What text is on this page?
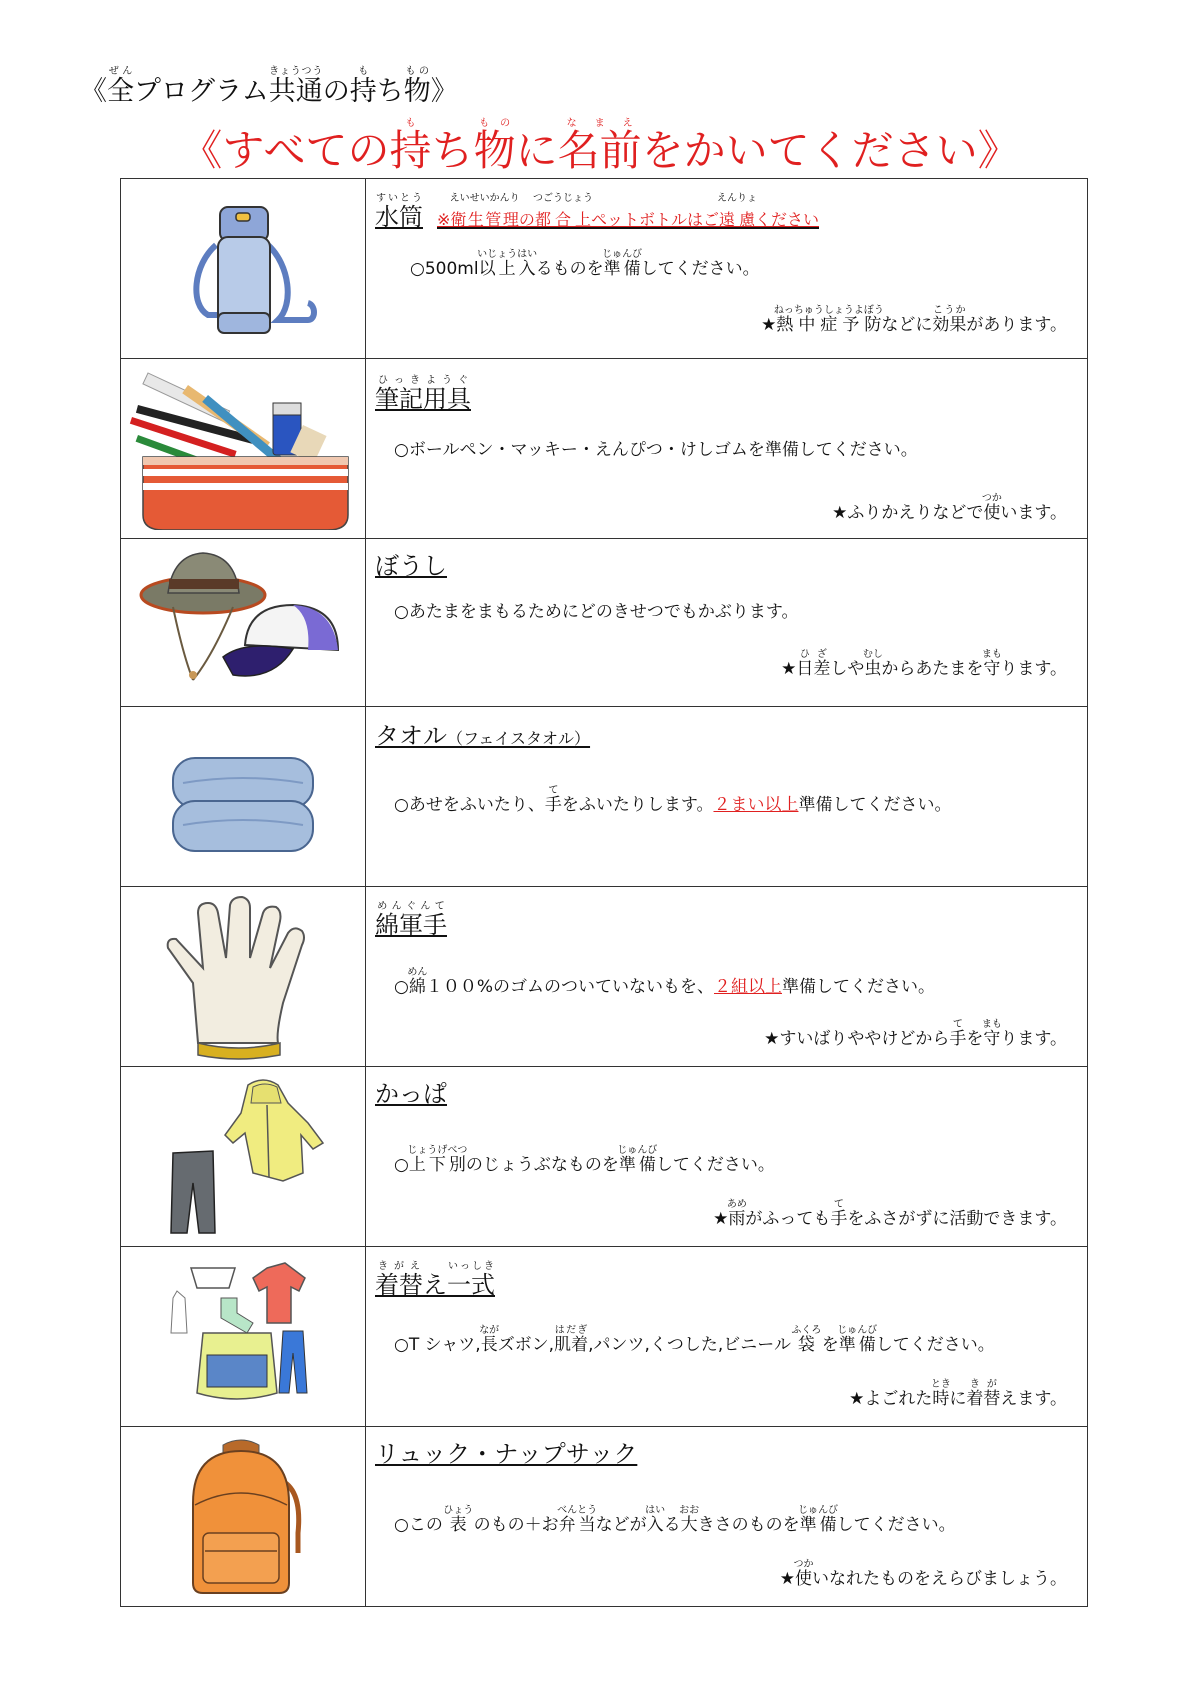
《全ぜんプログラム共通きょうつうの持もち物もの》
《すべての持もち物ものに名前なまえをかいてください》

水筒すいとう※衛生管理えいせいかんりの都合上つごうじょうペットボトルはご遠慮えんりょください
○500ml以上入いじょうはいるものを準備じゅんびしてください。
★熱中症予防ねっちゅうしょうよぼうなどに効果こうかがあります。

筆記用具ひっきようぐ
○ボールペン・マッキー・えんぴつ・けしゴムを準備してください。
★ふりかえりなどで使つかいます。

ぼうし
○あたまをまもるためにどのきせつでもかぶります。
★日ひ差ざしや虫むしからあたまを守まもります。

タオル（フェイスタオル）
○あせをふいたり、手てをふいたりします。２まい以上準備してください。

綿軍手めんぐんて
○綿めん１００%のゴムのついていないもを、２組以上準備してください。
★すいばりややけどから手てを守まもります。

かっぱ
○上下別じょうげべつのじょうぶなものを準備じゅんびしてください。
★雨あめがふっても手てをふさがずに活動できます。

着替きがええ一式いっしき
○T シャツ,長ながズボン,肌着はだぎ,パンツ,くつした,ビニール 袋ふくろ を準備じゅんびしてください。
★よごれた時ときに着き替がえます。

リュック・ナップサック
○この 表ひょう のもの＋お弁当べんとうなどが入はいる大おおきさのものを準備じゅんびしてください。
★使つかいなれたものをえらびましょう。
